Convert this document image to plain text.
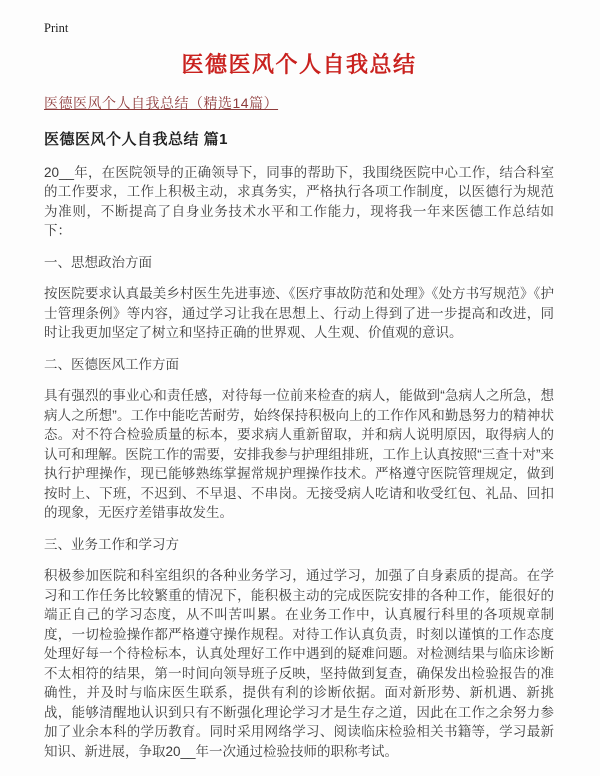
Print
医德医风个人自我总结
医德医风个人自我总结（精选14篇）
医德医风个人自我总结 篇1

20__年，在医院领导的正确领导下，同事的帮助下，我围绕医院中心工作，结合科室的工作要求，工作上积极主动，求真务实，严格执行各项工作制度，以医德行为规范为准则，不断提高了自身业务技术水平和工作能力，现将我一年来医德工作总结如下：

一、思想政治方面

按医院要求认真最美乡村医生先进事迹、《医疗事故防范和处理》《处方书写规范》《护士管理条例》等内容，通过学习让我在思想上、行动上得到了进一步提高和改进，同时让我更加坚定了树立和坚持正确的世界观、人生观、价值观的意识。

二、医德医风工作方面

具有强烈的事业心和责任感，对待每一位前来检查的病人，能做到“急病人之所急，想病人之所想”。工作中能吃苦耐劳，始终保持积极向上的工作作风和勤恳努力的精神状态。对不符合检验质量的标本，要求病人重新留取，并和病人说明原因，取得病人的认可和理解。医院工作的需要，安排我参与护理组排班，工作上认真按照“三查十对”来执行护理操作，现已能够熟练掌握常规护理操作技术。严格遵守医院管理规定，做到按时上、下班，不迟到、不早退、不串岗。无接受病人吃请和收受红包、礼品、回扣的现象，无医疗差错事故发生。

三、业务工作和学习方

积极参加医院和科室组织的各种业务学习，通过学习，加强了自身素质的提高。在学习和工作任务比较繁重的情况下，能积极主动的完成医院安排的各种工作，能很好的端正自己的学习态度，从不叫苦叫累。在业务工作中，认真履行科里的各项规章制度，一切检验操作都严格遵守操作规程。对待工作认真负责，时刻以谨慎的工作态度处理好每一个待检标本，认真处理好工作中遇到的疑难问题。对检测结果与临床诊断不太相符的结果，第一时间向领导班子反映，坚持做到复查，确保发出检验报告的准确性，并及时与临床医生联系，提供有利的诊断依据。面对新形势、新机遇、新挑战，能够清醒地认识到只有不断强化理论学习才是生存之道，因此在工作之余努力参加了业余本科的学历教育。同时采用网络学习、阅读临床检验相关书籍等，学习最新知识、新进展，争取20__年一次通过检验技师的职称考试。
